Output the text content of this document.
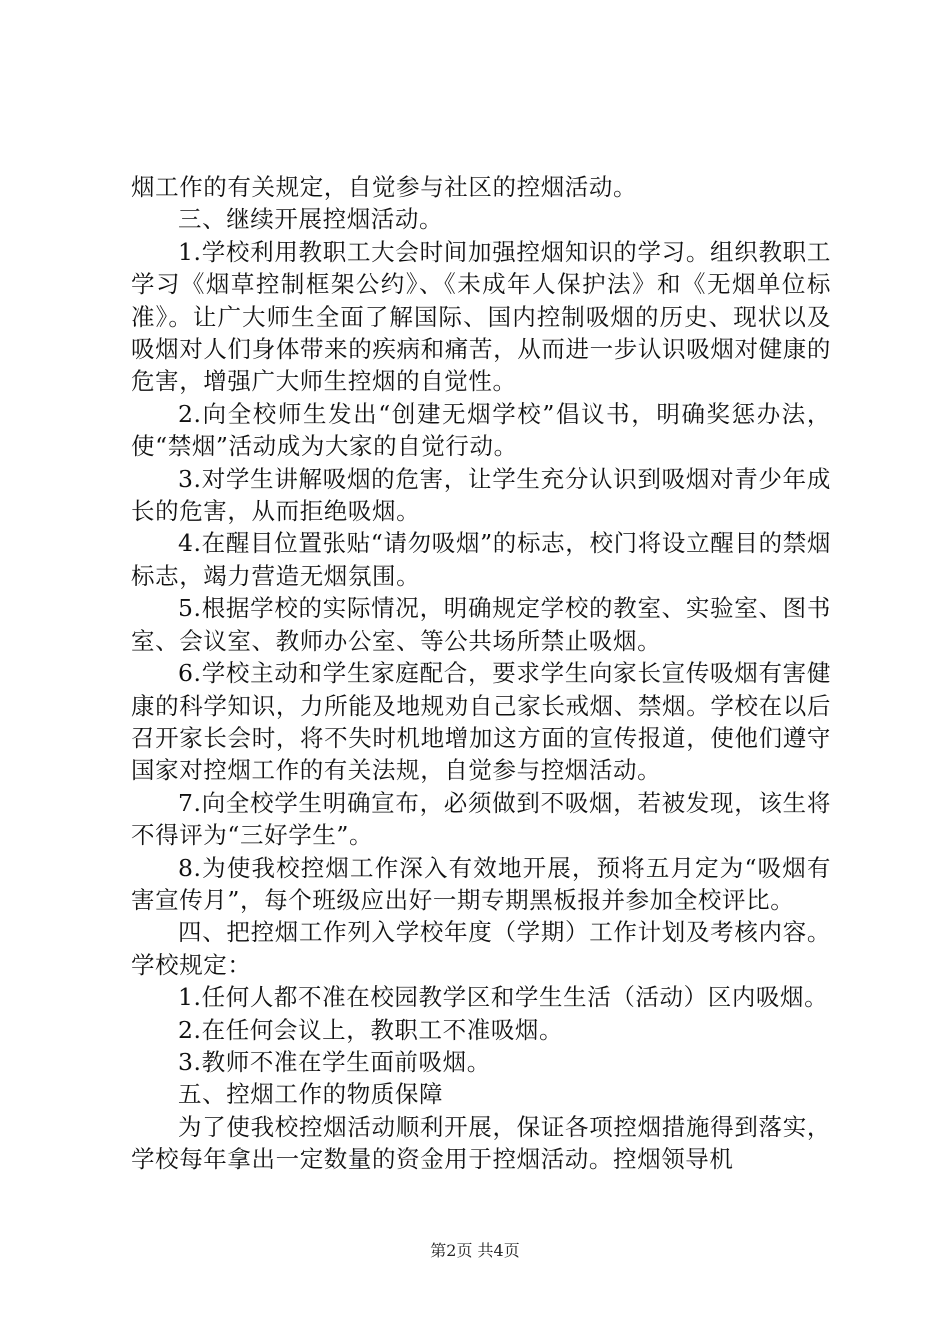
烟工作的有关规定，自觉参与社区的控烟活动。

三、继续开展控烟活动。

1.学校利用教职工大会时间加强控烟知识的学习。组织教职工学习《烟草控制框架公约》、《未成年人保护法》和《无烟单位标准》。让广大师生全面了解国际、国内控制吸烟的历史、现状以及吸烟对人们身体带来的疾病和痛苦，从而进一步认识吸烟对健康的危害，增强广大师生控烟的自觉性。

2.向全校师生发出“创建无烟学校”倡议书，明确奖惩办法，使“禁烟”活动成为大家的自觉行动。

3.对学生讲解吸烟的危害，让学生充分认识到吸烟对青少年成长的危害，从而拒绝吸烟。

4.在醒目位置张贴“请勿吸烟”的标志，校门将设立醒目的禁烟标志，竭力营造无烟氛围。

5.根据学校的实际情况，明确规定学校的教室、实验室、图书室、会议室、教师办公室、等公共场所禁止吸烟。

6.学校主动和学生家庭配合，要求学生向家长宣传吸烟有害健康的科学知识，力所能及地规劝自己家长戒烟、禁烟。学校在以后召开家长会时，将不失时机地增加这方面的宣传报道，使他们遵守国家对控烟工作的有关法规，自觉参与控烟活动。

7.向全校学生明确宣布，必须做到不吸烟，若被发现，该生将不得评为“三好学生”。

8.为使我校控烟工作深入有效地开展，预将五月定为“吸烟有害宣传月”，每个班级应出好一期专期黑板报并参加全校评比。

四、把控烟工作列入学校年度（学期）工作计划及考核内容。学校规定：

1.任何人都不准在校园教学区和学生生活（活动）区内吸烟。

2.在任何会议上，教职工不准吸烟。

3.教师不准在学生面前吸烟。

五、控烟工作的物质保障

为了使我校控烟活动顺利开展，保证各项控烟措施得到落实，学校每年拿出一定数量的资金用于控烟活动。控烟领导机

第2页 共4页
